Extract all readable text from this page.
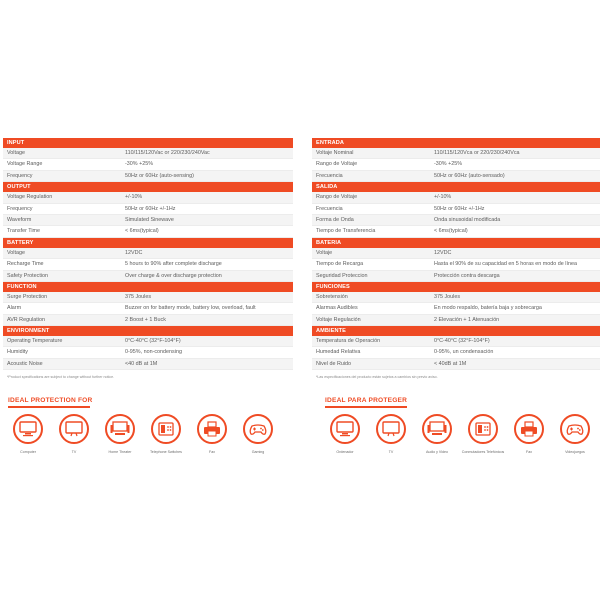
INPUT
Voltage	110/115/120Vac or 220/230/240Vac
Voltage Range	-30% +25%
Frequency	50Hz or 60Hz (auto-sensing)
OUTPUT
Voltage Regulation	+/-10%
Frequency	50Hz or 60Hz +/-1Hz
Waveform	Simulated Sinewave
Transfer Time	< 6ms(typical)
BATTERY
Voltage	12VDC
Recharge Time	5 hours to 90% after complete discharge
Safety Protection	Over charge & over discharge protection
FUNCTION
Surge Protection	375 Joules
Alarm	Buzzer on for battery mode, battery low, overload, fault
AVR Regulation	2 Boost + 1 Buck
ENVIRONMENT
Operating Temperature	0°C-40°C (32°F-104°F)
Humidity	0-95%, non-condensing
Acoustic Noise	<40 dB at 1M
*Product specifications are subject to change without further notice.
ENTRADA
Voltaje Nominal	110/115/120Vca or 220/230/240Vca
Rango de Voltaje	-30% +25%
Frecuencia	50Hz or 60Hz (auto-sensado)
SALIDA
Rango de Voltaje	+/-10%
Frecuencia	50Hz or 60Hz +/-1Hz
Forma de Onda	Onda sinusoidal modificada
Tiempo de Transferencia	< 6ms(typical)
BATERIA
Voltaje	12VDC
Tiempo de Recarga	Hasta el 90% de su capacidad en 5 horas en modo de línea
Seguridad Proteccion	Protección contra descarga
FUNCIONES
Sobretensión	375 Joules
Alarmas Audibles	En modo respaldo, batería baja y sobrecarga
Voltaje Regulación	2 Elevación + 1 Atenuación
AMBIENTE
Temperatura de Operación	0°C-40°C (32°F-104°F)
Humedad Relativa	0-95%, un condensación
Nivel de Ruido	< 40dB at 1M
*Las especificaciones del producto están sujetos a cambios sin previo aviso.
IDEAL PROTECTION FOR
Computer	TV	Home Theater	Telephone Switches	Fax	Gaming
IDEAL PARA PROTEGER
Ordenador	TV	Audio y Video	Conmutadores Telefónicos	Fax	Videojuegos
